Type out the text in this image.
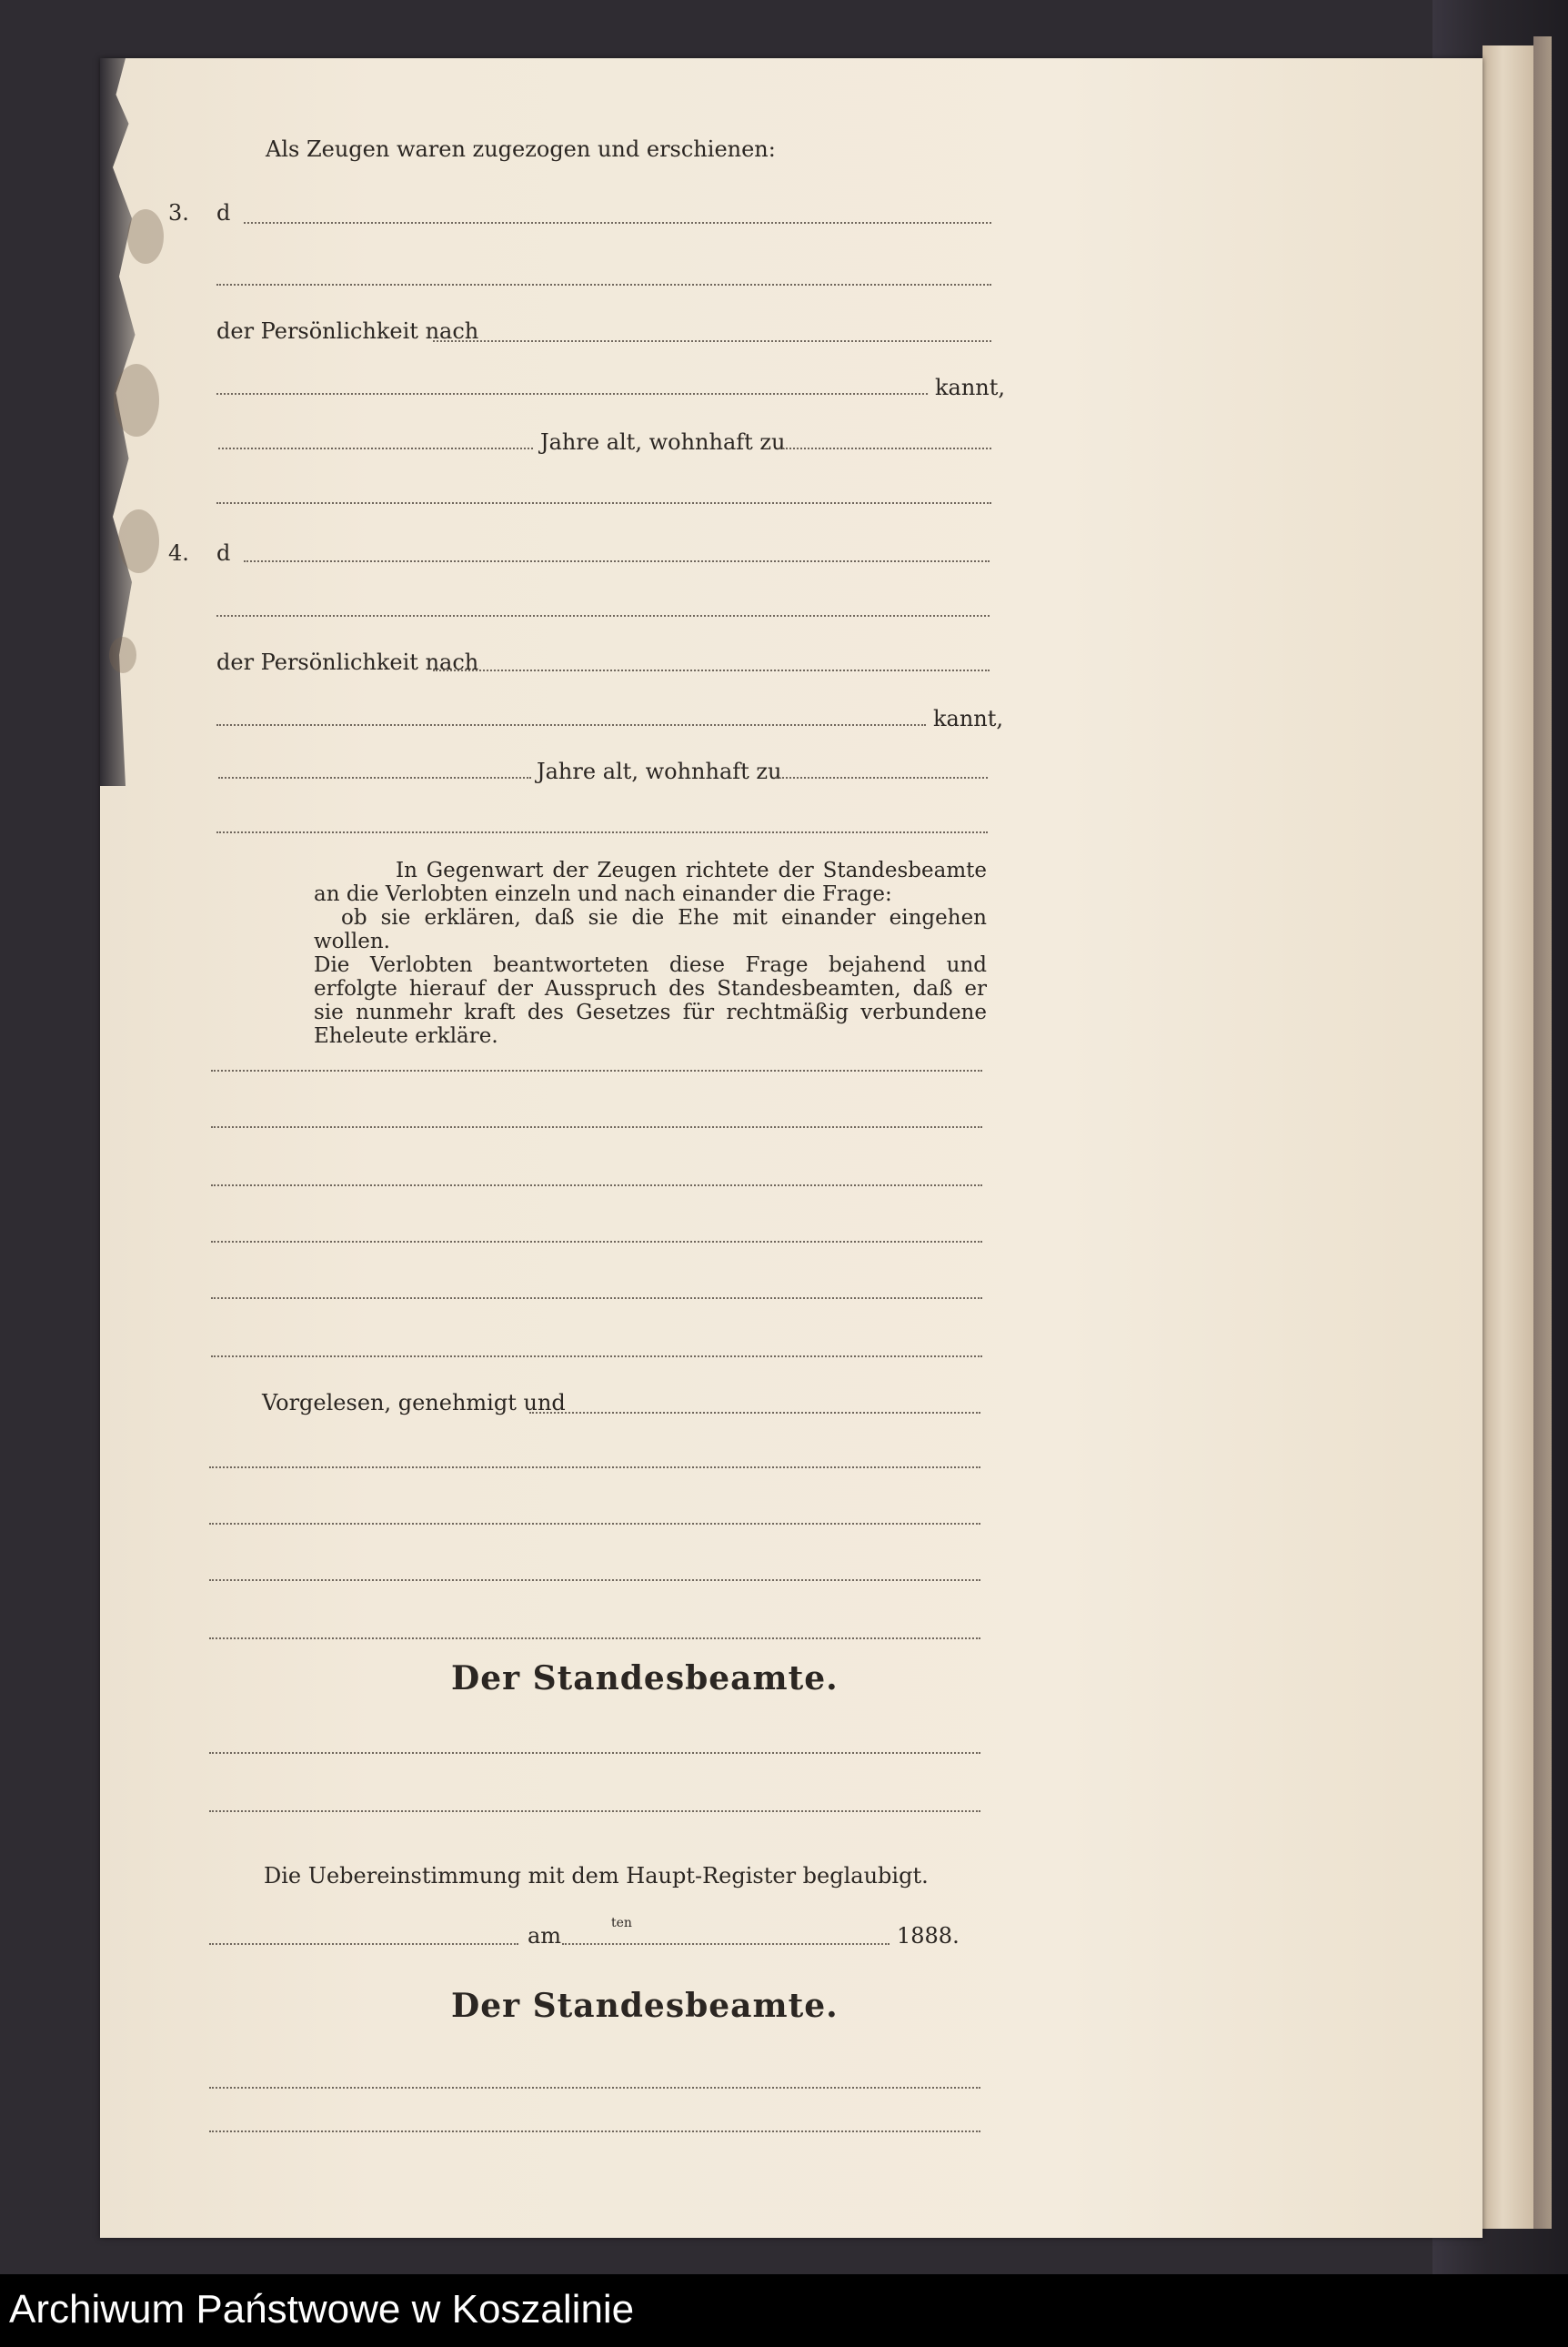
Als Zeugen waren zugezogen und erschienen:
3. d
der Persönlichkeit nach
kannt,
Jahre alt, wohnhaft zu
4. d
der Persönlichkeit nach
kannt,
Jahre alt, wohnhaft zu

In Gegenwart der Zeugen richtete der Standesbeamte an die Verlobten einzeln und nach einander die Frage:

ob sie erklären, daß sie die Ehe mit einander eingehen wollen.

Die Verlobten beantworteten diese Frage bejahend und erfolgte hierauf der Ausspruch des Standesbeamten, daß er sie nunmehr kraft des Gesetzes für rechtmäßig verbundene Eheleute erkläre.

Vorgelesen, genehmigt und
Der Standesbeamte.
Die Uebereinstimmung mit dem Haupt-Register beglaubigt.
am	ten	1888.
Der Standesbeamte.
Archiwum Państwowe w Koszalinie
